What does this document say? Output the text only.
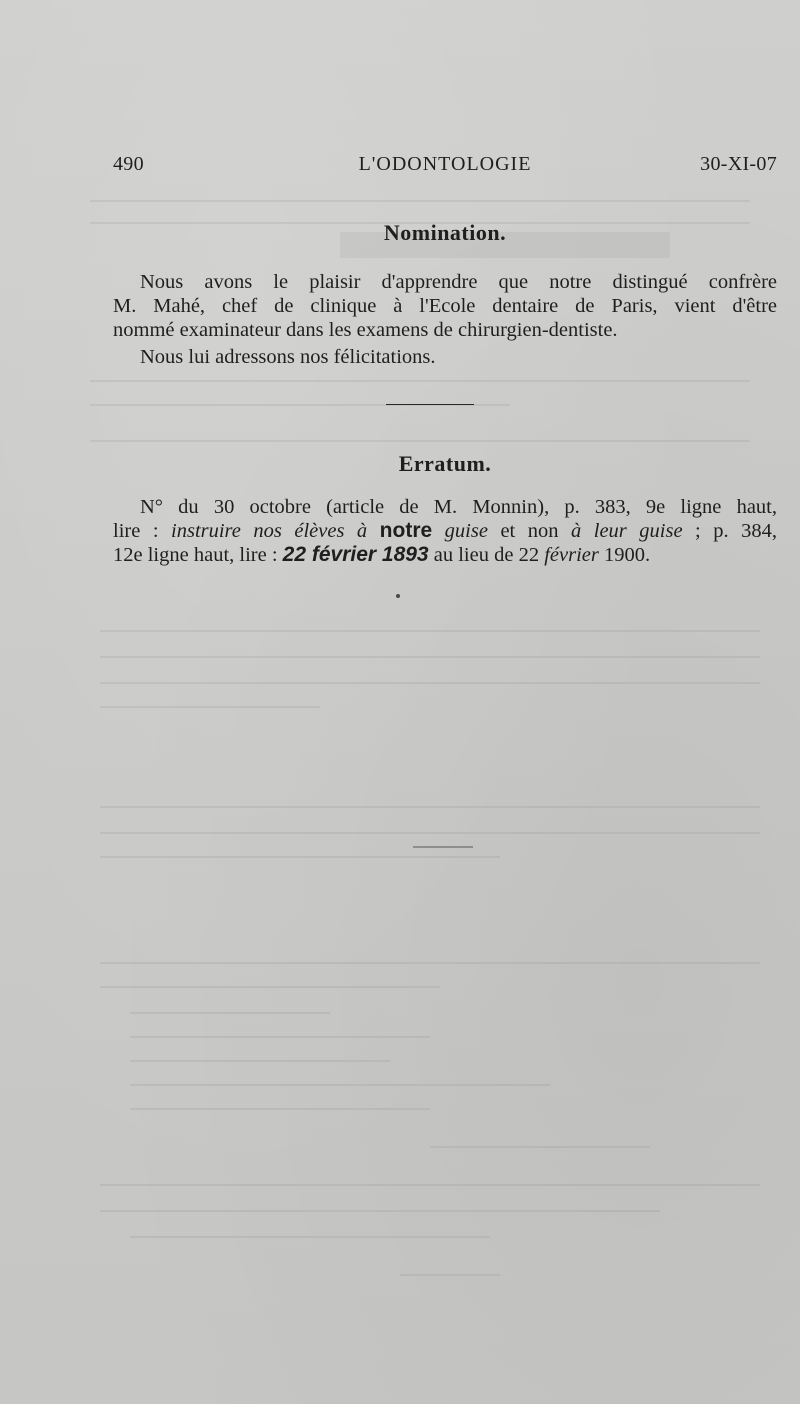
490	L'ODONTOLOGIE	30-XI-07
Nomination.
Nous avons le plaisir d'apprendre que notre distingué confrère
M. Mahé, chef de clinique à l'Ecole dentaire de Paris, vient d'être
nommé examinateur dans les examens de chirurgien-dentiste.
Nous lui adressons nos félicitations.
Erratum.
N° du 30 octobre (article de M. Monnin), p. 383, 9e ligne haut,
lire : instruire nos élèves à notre guise et non à leur guise ; p. 384,
12e ligne haut, lire : 22 février 1893 au lieu de 22 février 1900.
